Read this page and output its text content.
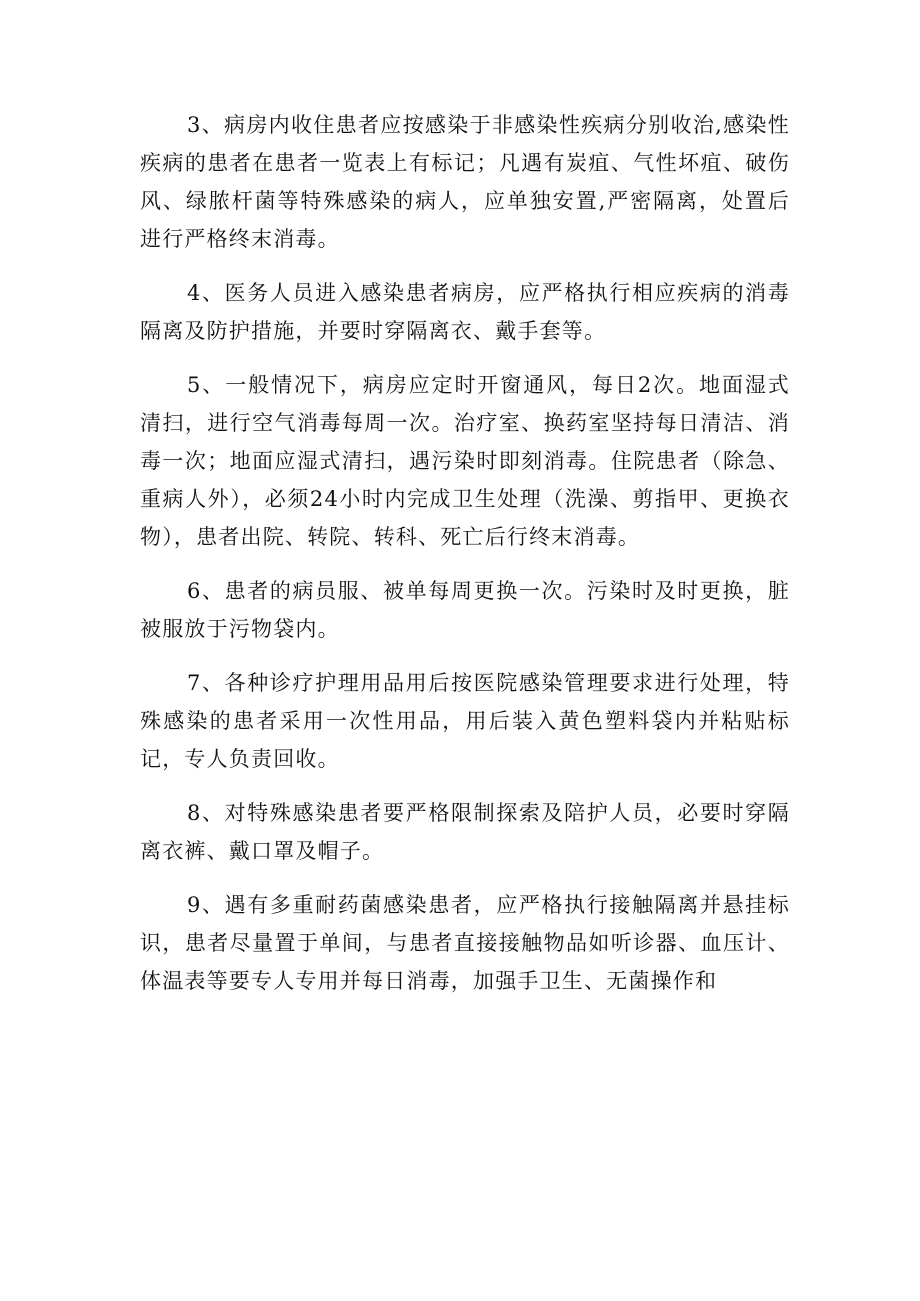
3、病房内收住患者应按感染于非感染性疾病分别收治,感染性疾病的患者在患者一览表上有标记；凡遇有炭疽、气性坏疽、破伤风、绿脓杆菌等特殊感染的病人，应单独安置,严密隔离，处置后进行严格终末消毒。

4、医务人员进入感染患者病房，应严格执行相应疾病的消毒隔离及防护措施，并要时穿隔离衣、戴手套等。

5、一般情况下，病房应定时开窗通风，每日2次。地面湿式清扫，进行空气消毒每周一次。治疗室、换药室坚持每日清洁、消毒一次；地面应湿式清扫，遇污染时即刻消毒。住院患者（除急、重病人外），必须24小时内完成卫生处理（洗澡、剪指甲、更换衣物），患者出院、转院、转科、死亡后行终末消毒。

6、患者的病员服、被单每周更换一次。污染时及时更换，脏被服放于污物袋内。

7、各种诊疗护理用品用后按医院感染管理要求进行处理，特殊感染的患者采用一次性用品，用后装入黄色塑料袋内并粘贴标记，专人负责回收。

8、对特殊感染患者要严格限制探索及陪护人员，必要时穿隔离衣裤、戴口罩及帽子。

9、遇有多重耐药菌感染患者，应严格执行接触隔离并悬挂标识，患者尽量置于单间，与患者直接接触物品如听诊器、血压计、体温表等要专人专用并每日消毒，加强手卫生、无菌操作和
